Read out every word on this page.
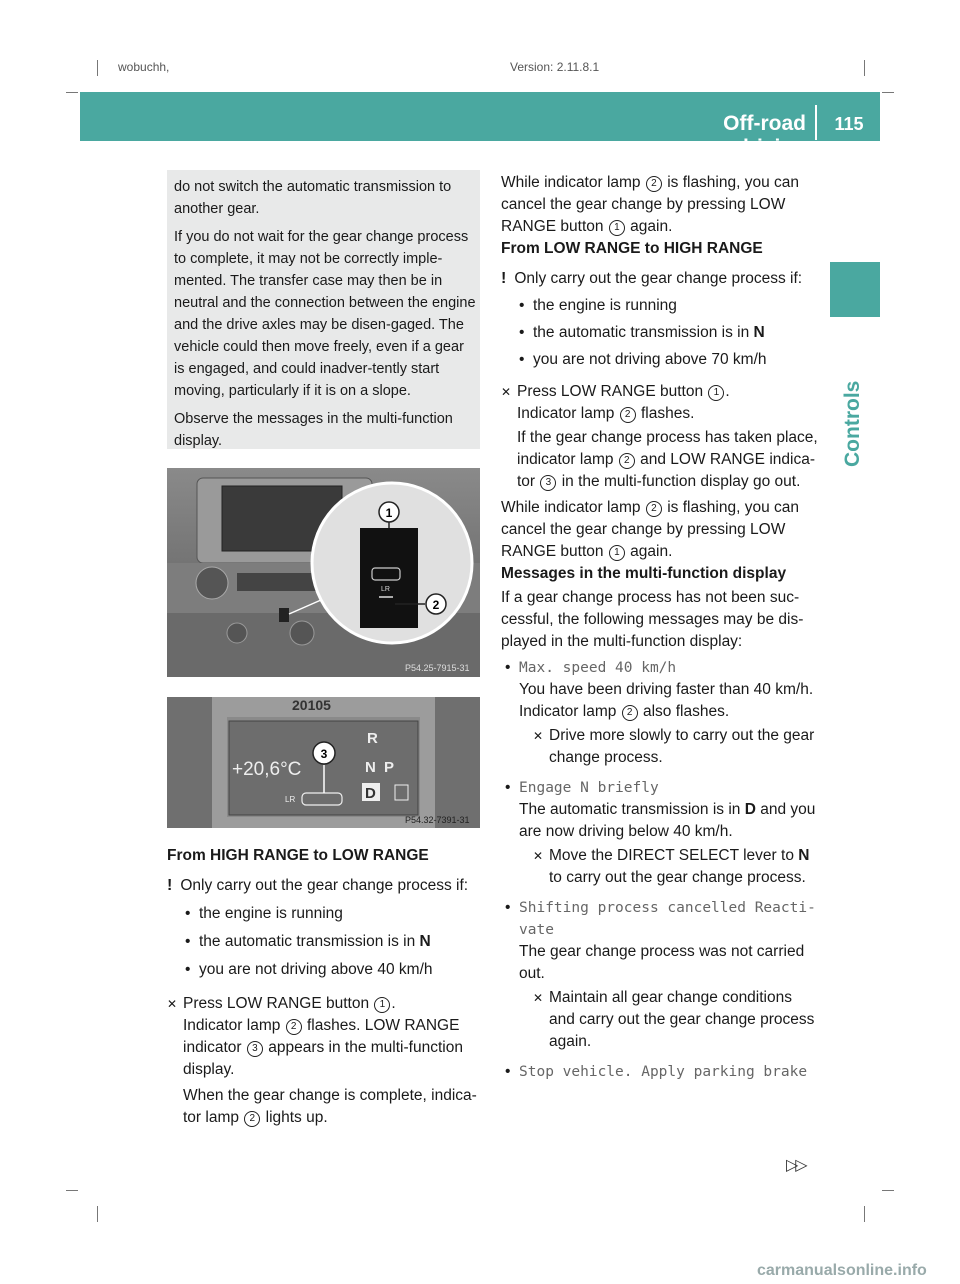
wobuchh,	Version: 2.11.8.1
Off-road driving
115
Controls

do not switch the automatic transmission to another gear.

If you do not wait for the gear change process to complete, it may not be correctly imple-mented. The transfer case may then be in neutral and the connection between the engine and the drive axles may be disen-gaged. The vehicle could then move freely, even if a gear is engaged, and could inadver-tently start moving, particularly if it is on a slope.

Observe the messages in the multi-function display.

LR
1
2
P54.25-7915-31
20105
+20,6°C
R
N P
D
LR
3
P54.32-7391-31

From HIGH RANGE to LOW RANGE

! Only carry out the gear change process if:

• the engine is running

• the automatic transmission is in N

• you are not driving above 40 km/h

✕ Press LOW RANGE button 1 .

Indicator lamp 2 flashes. LOW RANGE indicator 3 appears in the multi-function display.

When the gear change is complete, indica-tor lamp 2 lights up.

While indicator lamp 2 is flashing, you can cancel the gear change by pressing LOW RANGE button 1 again.

From LOW RANGE to HIGH RANGE

! Only carry out the gear change process if:

• the engine is running

• the automatic transmission is in N

• you are not driving above 70 km/h

✕ Press LOW RANGE button 1 .

Indicator lamp 2 flashes.

If the gear change process has taken place, indicator lamp 2 and LOW RANGE indica-tor 3 in the multi-function display go out.

While indicator lamp 2 is flashing, you can cancel the gear change by pressing LOW RANGE button 1 again.

Messages in the multi-function display

If a gear change process has not been suc-cessful, the following messages may be dis-played in the multi-function display:

• Max. speed 40 km/h

You have been driving faster than 40 km/h. Indicator lamp 2 also flashes.

✕ Drive more slowly to carry out the gear change process.

• Engage N briefly

The automatic transmission is in D and you are now driving below 40 km/h.

✕ Move the DIRECT SELECT lever to N to carry out the gear change process.

• Shifting process cancelled Reacti-vate

The gear change process was not carried out.

✕ Maintain all gear change conditions and carry out the gear change process again.

• Stop vehicle. Apply parking brake

▷▷
carmanualsonline.info
